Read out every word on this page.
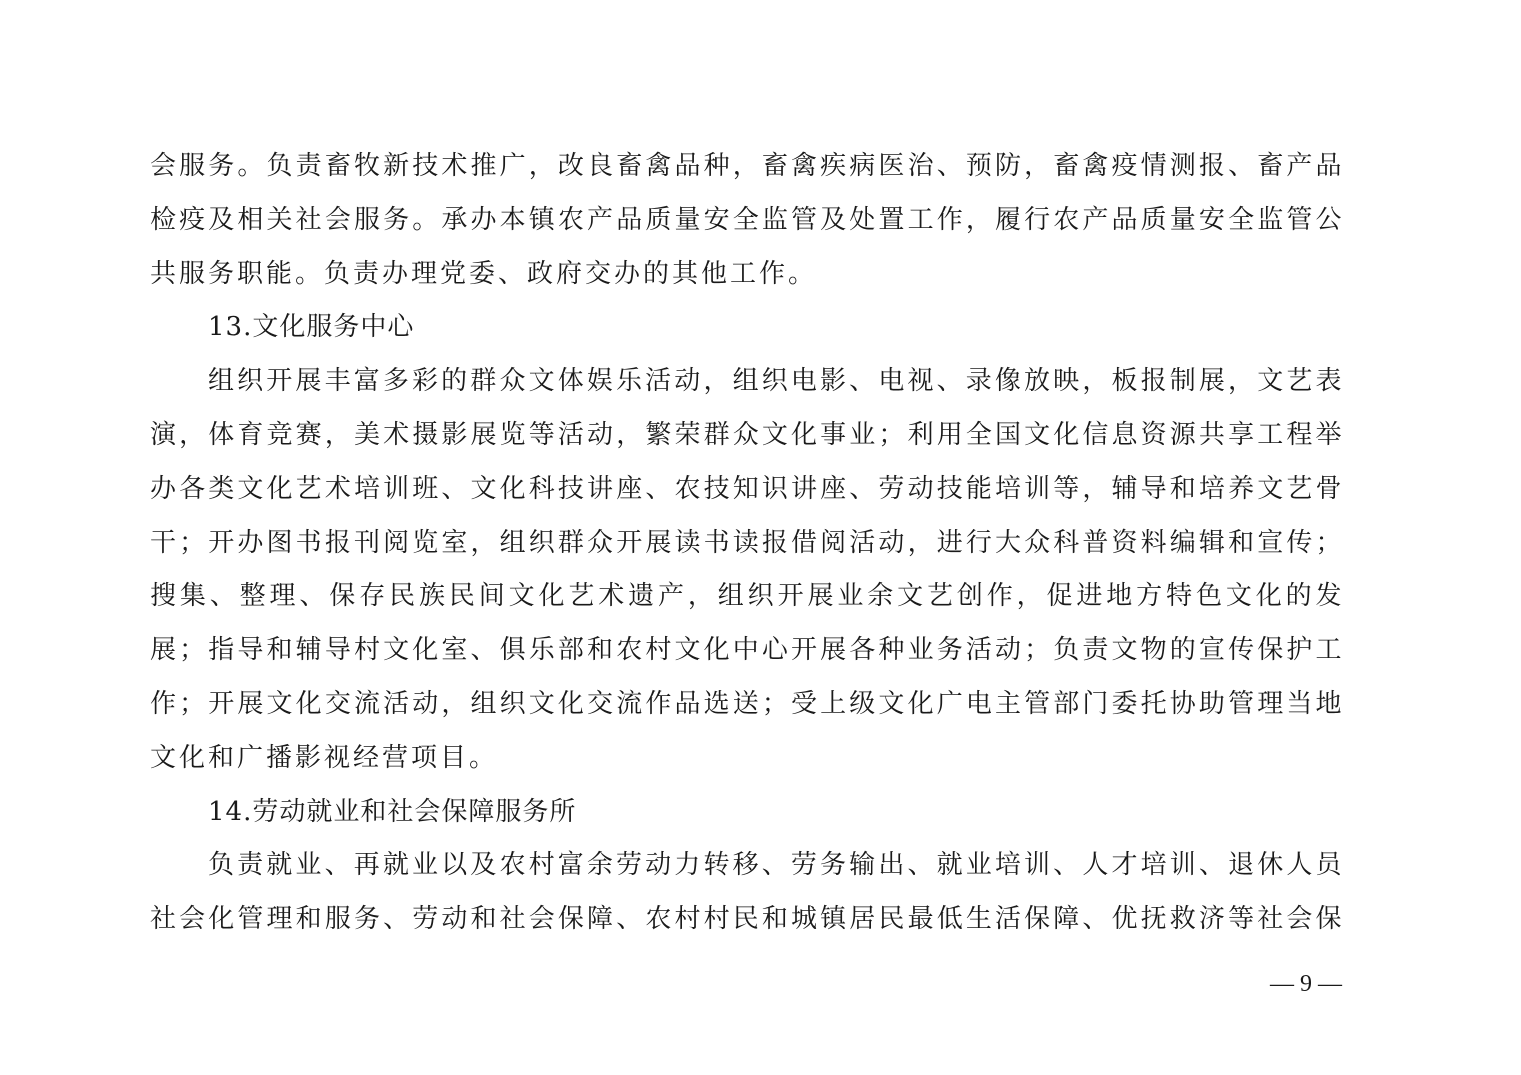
会服务。负责畜牧新技术推广，改良畜禽品种，畜禽疾病医治、预防，畜禽疫情测报、畜产品
检疫及相关社会服务。承办本镇农产品质量安全监管及处置工作，履行农产品质量安全监管公
共服务职能。负责办理党委、政府交办的其他工作。
13.文化服务中心
组织开展丰富多彩的群众文体娱乐活动，组织电影、电视、录像放映，板报制展，文艺表
演，体育竞赛，美术摄影展览等活动，繁荣群众文化事业；利用全国文化信息资源共享工程举
办各类文化艺术培训班、文化科技讲座、农技知识讲座、劳动技能培训等，辅导和培养文艺骨
干；开办图书报刊阅览室，组织群众开展读书读报借阅活动，进行大众科普资料编辑和宣传；
搜集、整理、保存民族民间文化艺术遗产，组织开展业余文艺创作，促进地方特色文化的发
展；指导和辅导村文化室、俱乐部和农村文化中心开展各种业务活动；负责文物的宣传保护工
作；开展文化交流活动，组织文化交流作品选送；受上级文化广电主管部门委托协助管理当地
文化和广播影视经营项目。
14.劳动就业和社会保障服务所
负责就业、再就业以及农村富余劳动力转移、劳务输出、就业培训、人才培训、退休人员
社会化管理和服务、劳动和社会保障、农村村民和城镇居民最低生活保障、优抚救济等社会保
— 9 —
